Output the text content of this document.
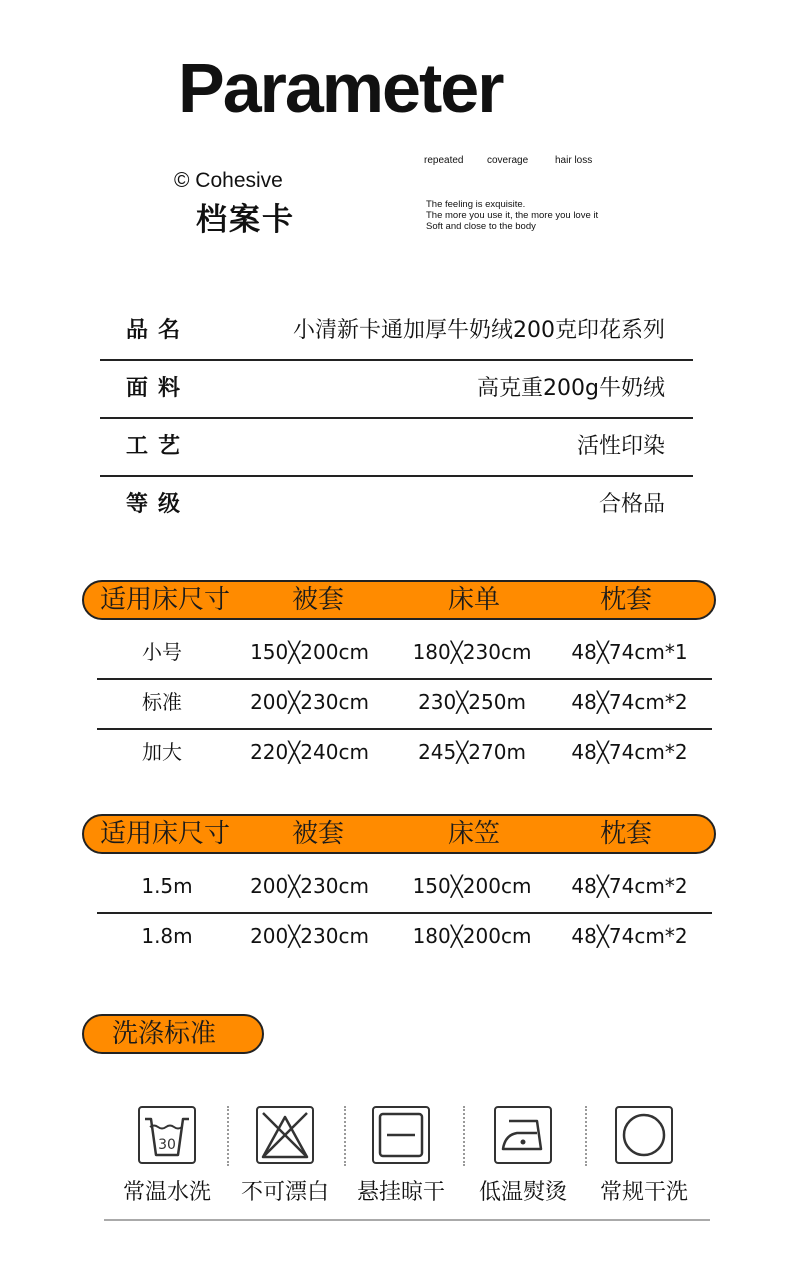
Parameter
© Cohesive
档案卡
repeated coverage	hair loss
The feeling is exquisite.
The more you use it, the more you love it
Soft and close to the body
品名	小清新卡通加厚牛奶绒200克印花系列
面料	高克重200g牛奶绒
工艺	活性印染
等级	合格品
适用床尺寸	被套	床单	枕套
小号	150╳200cm	180╳230cm	48╳74cm*1
标准	200╳230cm	230╳250m	48╳74cm*2
加大	220╳240cm	245╳270m	48╳74cm*2
适用床尺寸	被套	床笠	枕套
1.5m	200╳230cm	150╳200cm	48╳74cm*2
1.8m	200╳230cm	180╳200cm	48╳74cm*2
洗涤标准
30
常温水洗	不可漂白	悬挂晾干	低温熨烫	常规干洗
